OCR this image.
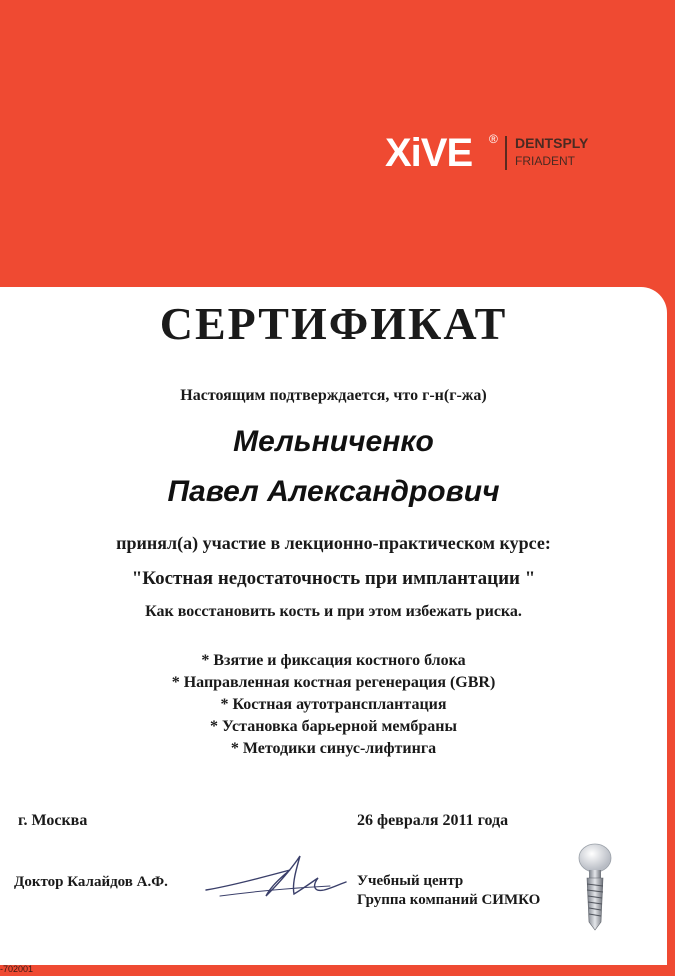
XiVE ® DENTSPLY
FRIADENT
СЕРТИФИКАТ
Настоящим подтверждается, что г-н(г-жа)
Мельниченко
Павел Александрович
принял(а) участие в лекционно-практическом курсе:
"Костная недостаточность при имплантации "
Как восстановить кость и при этом избежать риска.
* Взятие и фиксация костного блока
* Направленная костная регенерация (GBR)
* Костная аутотрансплантация
* Установка барьерной мембраны
* Методики синус-лифтинга
г. Москва	26 февраля 2011 года
Доктор Калайдов А.Ф.	Учебный центр
Группа компаний СИМКО
-702001
